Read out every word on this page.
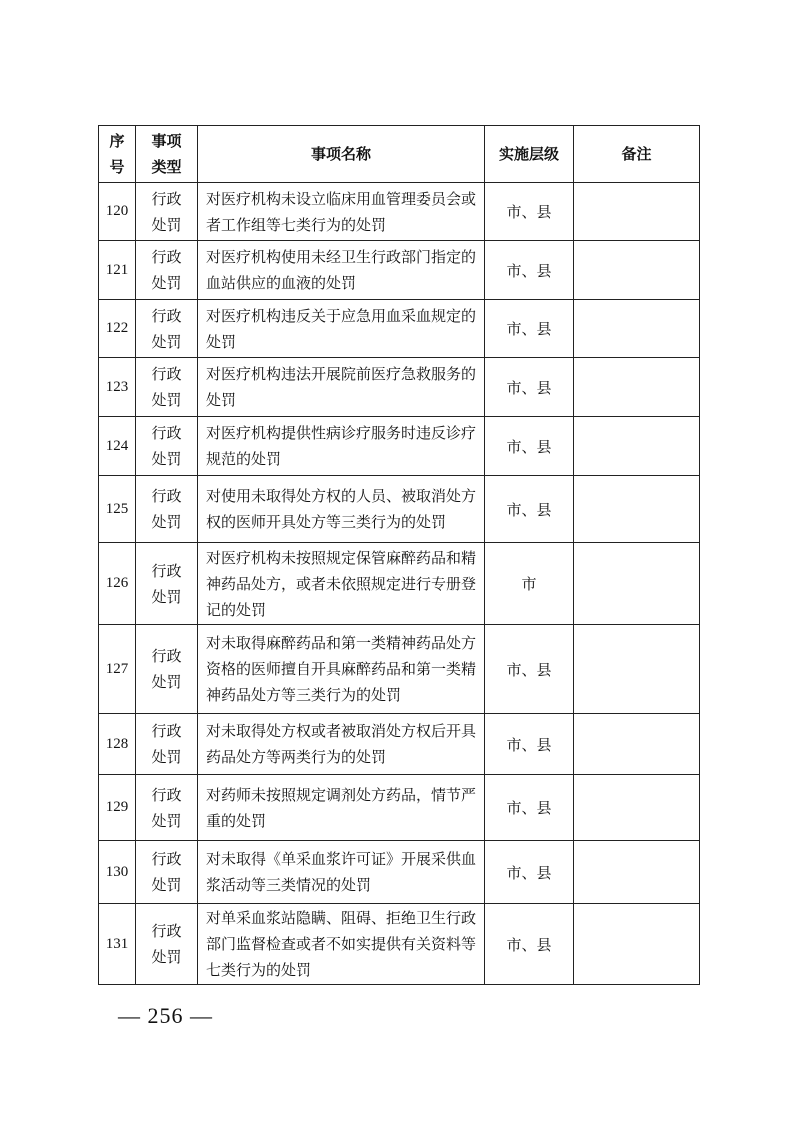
序号	事项类型	事项名称	实施层级	备注
120	行政处罚	对医疗机构未设立临床用血管理委员会或者工作组等七类行为的处罚	市、县	
121	行政处罚	对医疗机构使用未经卫生行政部门指定的血站供应的血液的处罚	市、县	
122	行政处罚	对医疗机构违反关于应急用血采血规定的处罚	市、县	
123	行政处罚	对医疗机构违法开展院前医疗急救服务的处罚	市、县	
124	行政处罚	对医疗机构提供性病诊疗服务时违反诊疗规范的处罚	市、县	
125	行政处罚	对使用未取得处方权的人员、被取消处方权的医师开具处方等三类行为的处罚	市、县	
126	行政处罚	对医疗机构未按照规定保管麻醉药品和精神药品处方，或者未依照规定进行专册登记的处罚	市	
127	行政处罚	对未取得麻醉药品和第一类精神药品处方资格的医师擅自开具麻醉药品和第一类精神药品处方等三类行为的处罚	市、县	
128	行政处罚	对未取得处方权或者被取消处方权后开具药品处方等两类行为的处罚	市、县	
129	行政处罚	对药师未按照规定调剂处方药品，情节严重的处罚	市、县	
130	行政处罚	对未取得《单采血浆许可证》开展采供血浆活动等三类情况的处罚	市、县	
131	行政处罚	对单采血浆站隐瞒、阻碍、拒绝卫生行政部门监督检查或者不如实提供有关资料等七类行为的处罚	市、县	
— 256 —
